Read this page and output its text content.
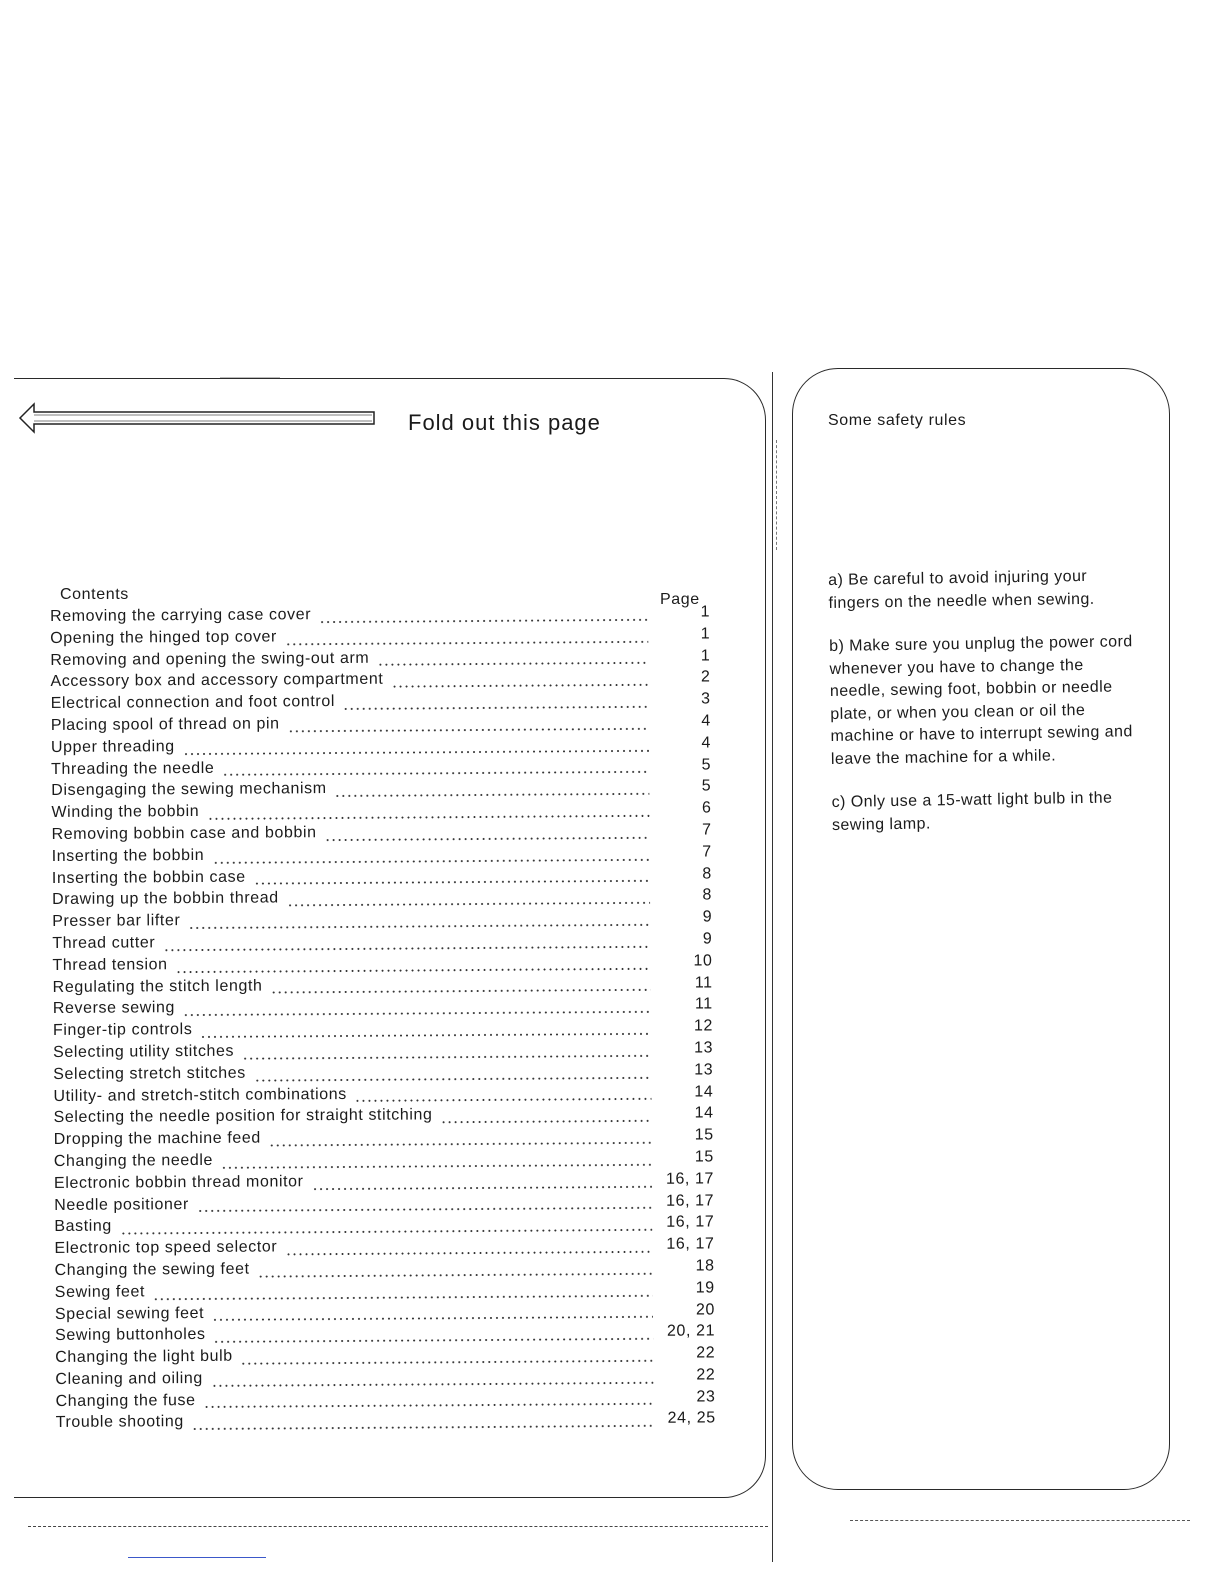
Fold out this page
Contents	Page
Removing the carrying case cover	1
Opening the hinged top cover	1
Removing and opening the swing-out arm	1
Accessory box and accessory compartment	2
Electrical connection and foot control	3
Placing spool of thread on pin	4
Upper threading	4
Threading the needle	5
Disengaging the sewing mechanism	5
Winding the bobbin	6
Removing bobbin case and bobbin	7
Inserting the bobbin	7
Inserting the bobbin case	8
Drawing up the bobbin thread	8
Presser bar lifter	9
Thread cutter	9
Thread tension	10
Regulating the stitch length	11
Reverse sewing	11
Finger-tip controls	12
Selecting utility stitches	13
Selecting stretch stitches	13
Utility- and stretch-stitch combinations	14
Selecting the needle position for straight stitching	14
Dropping the machine feed	15
Changing the needle	15
Electronic bobbin thread monitor	16, 17
Needle positioner	16, 17
Basting	16, 17
Electronic top speed selector	16, 17
Changing the sewing feet	18
Sewing feet	19
Special sewing feet	20
Sewing buttonholes	20, 21
Changing the light bulb	22
Cleaning and oiling	22
Changing the fuse	23
Trouble shooting	24, 25
Some safety rules
a) Be careful to avoid injuring your fingers on the needle when sewing.
b) Make sure you unplug the power cord whenever you have to change the needle, sewing foot, bobbin or needle plate, or when you clean or oil the machine or have to interrupt sewing and leave the machine for a while.
c) Only use a 15-watt light bulb in the sewing lamp.
